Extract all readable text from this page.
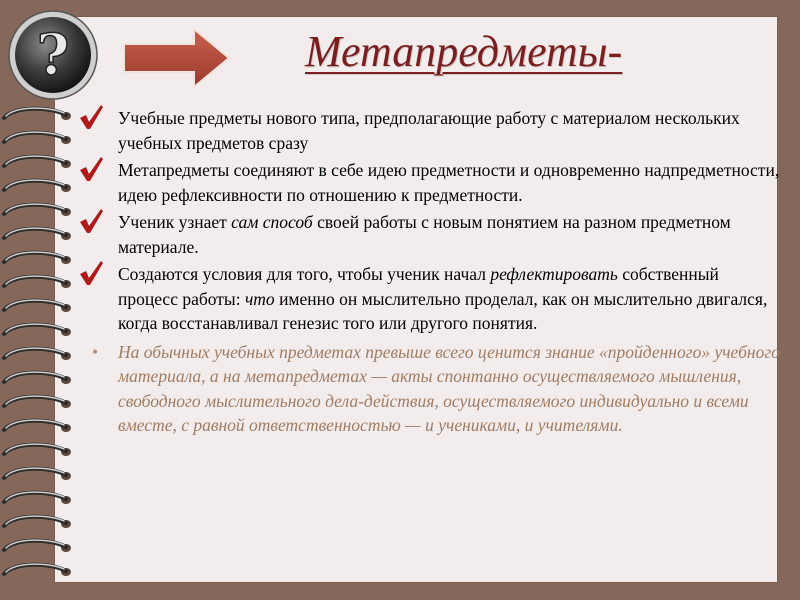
?	Метапредметы-

Учебные предметы нового типа, предполагающие работу с материалом нескольких учебных предметов сразу

Метапредметы соединяют в себе идею предметности и одновременно надпредметности, идею рефлексивности по отношению к предметности.

Ученик узнает сам способ своей работы с новым понятием на разном предметном материале.

Создаются условия для того, чтобы ученик начал рефлектировать собственный процесс работы: что именно он мыслительно проделал, как он мыслительно двигался, когда восстанавливал генезис того или другого понятия.

• На обычных учебных предметах превыше всего ценится знание «пройденного» учебного материала, а на метапредметах — акты спонтанно осуществляемого мышления, свободного мыслительного дела-действия, осуществляемого индивидуально и всеми вместе, с равной ответственностью — и учениками, и учителями.
